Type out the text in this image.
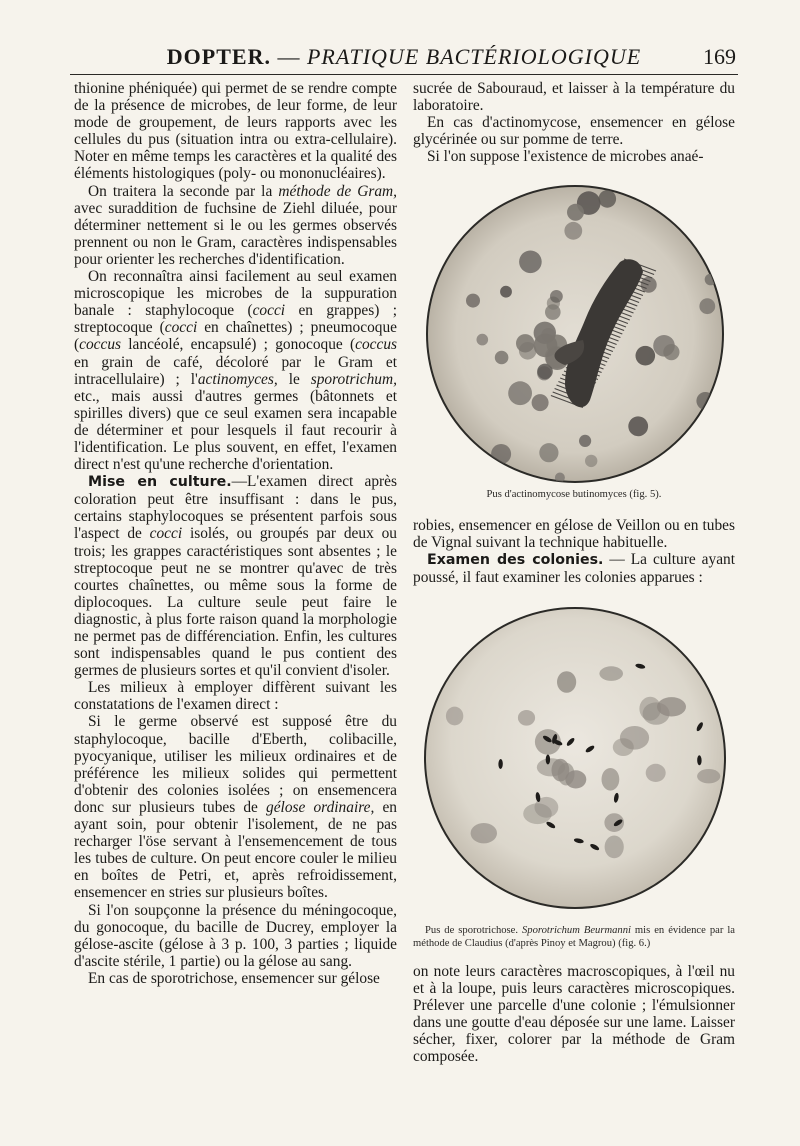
DOPTER. — PRATIQUE BACTÉRIOLOGIQUE	169

thionine phéniquée) qui permet de se rendre compte de la présence de microbes, de leur forme, de leur mode de groupement, de leurs rapports avec les cellules du pus (situation intra ou extra-cellulaire). Noter en même temps les caractères et la qualité des éléments histologiques (poly- ou mononucléaires).

On traitera la seconde par la méthode de Gram, avec suraddition de fuchsine de Ziehl diluée, pour déterminer nettement si le ou les germes observés prennent ou non le Gram, caractères indispensables pour orienter les recherches d'identification.

On reconnaîtra ainsi facilement au seul examen microscopique les microbes de la suppuration banale : staphylocoque (cocci en grappes) ; streptocoque (cocci en chaînettes) ; pneumocoque (coccus lancéolé, encapsulé) ; gonocoque (coccus en grain de café, décoloré par le Gram et intracellulaire) ; l'actinomyces, le sporotrichum, etc., mais aussi d'autres germes (bâtonnets et spirilles divers) que ce seul examen sera incapable de déterminer et pour lesquels il faut recourir à l'identification. Le plus souvent, en effet, l'examen direct n'est qu'une recherche d'orientation.

Mise en culture.—L'examen direct après coloration peut être insuffisant : dans le pus, certains staphylocoques se présentent parfois sous l'aspect de cocci isolés, ou groupés par deux ou trois; les grappes caractéristiques sont absentes ; le streptocoque peut ne se montrer qu'avec de très courtes chaînettes, ou même sous la forme de diplocoques. La culture seule peut faire le diagnostic, à plus forte raison quand la morphologie ne permet pas de différenciation. Enfin, les cultures sont indispensables quand le pus contient des germes de plusieurs sortes et qu'il convient d'isoler.

Les milieux à employer diffèrent suivant les constatations de l'examen direct :

Si le germe observé est supposé être du staphylocoque, bacille d'Eberth, colibacille, pyocyanique, utiliser les milieux ordinaires et de préférence les milieux solides qui permettent d'obtenir des colonies isolées ; on ensemencera donc sur plusieurs tubes de gélose ordinaire, en ayant soin, pour obtenir l'isolement, de ne pas recharger l'öse servant à l'ensemencement de tous les tubes de culture. On peut encore couler le milieu en boîtes de Petri, et, après refroidissement, ensemencer en stries sur plusieurs boîtes.

Si l'on soupçonne la présence du méningocoque, du gonocoque, du bacille de Ducrey, employer la gélose-ascite (gélose à 3 p. 100, 3 parties ; liquide d'ascite stérile, 1 partie) ou la gélose au sang.

En cas de sporotrichose, ensemencer sur gélose

sucrée de Sabouraud, et laisser à la température du laboratoire.

En cas d'actinomycose, ensemencer en gélose glycérinée ou sur pomme de terre.

Si l'on suppose l'existence de microbes anaé-

Pus d'actinomycose butinomyces (fig. 5).

robies, ensemencer en gélose de Veillon ou en tubes de Vignal suivant la technique habituelle.

Examen des colonies. — La culture ayant poussé, il faut examiner les colonies apparues :

Pus de sporotrichose. Sporotrichum Beurmanni mis en évidence par la méthode de Claudius (d'après Pinoy et Magrou) (fig. 6.)

on note leurs caractères macroscopiques, à l'œil nu et à la loupe, puis leurs caractères microscopiques. Prélever une parcelle d'une colonie ; l'émulsionner dans une goutte d'eau déposée sur une lame. Laisser sécher, fixer, colorer par la méthode de Gram composée.
